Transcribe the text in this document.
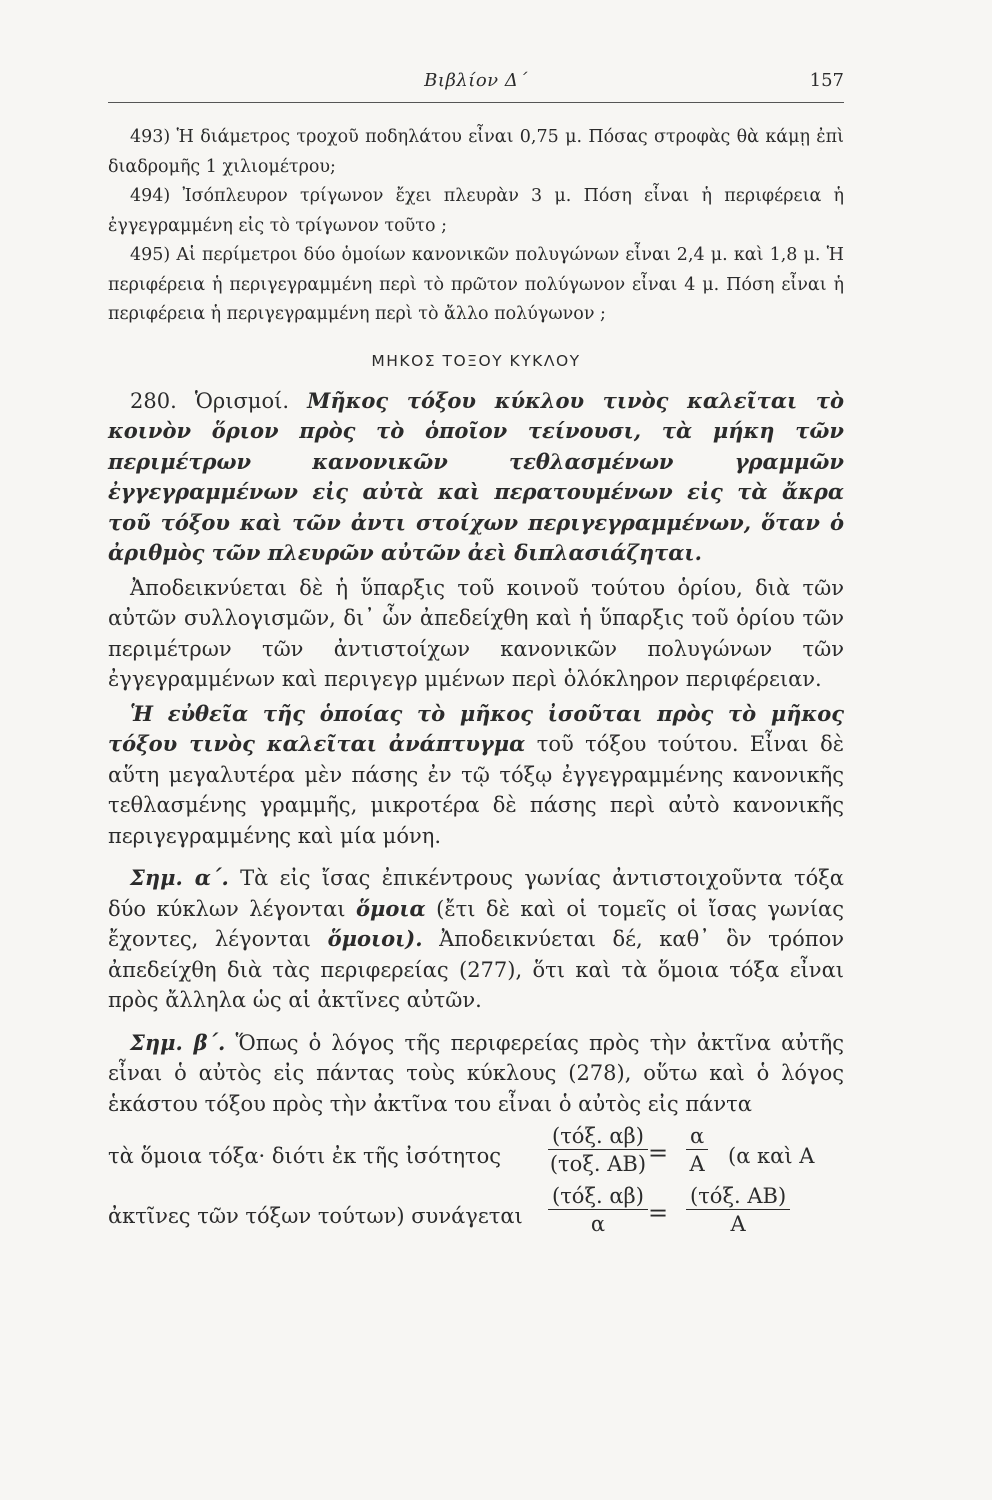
Βιβλίον Δ΄	157

493) Ἡ διάμετρος τροχοῦ ποδηλάτου εἶναι 0,75 μ. Πόσας στροφὰς θὰ κάμῃ ἐπὶ διαδρομῆς 1 χιλιομέτρου;

494) Ἰσόπλευρον τρίγωνον ἔχει πλευρὰν 3 μ. Πόση εἶναι ἡ περιφέρεια ἡ ἐγγεγραμμένη εἰς τὸ τρίγωνον τοῦτο ;

495) Αἱ περίμετροι δύο ὁμοίων κανονικῶν πολυγώνων εἶναι 2,4 μ. καὶ 1,8 μ. Ἡ περιφέρεια ἡ περιγεγραμμένη περὶ τὸ πρῶτον πολύγωνον εἶναι 4 μ. Πόση εἶναι ἡ περιφέρεια ἡ περιγεγραμμένη περὶ τὸ ἄλλο πολύγωνον ;

ΜΗΚΟΣ ΤΟΞΟΥ ΚΥΚΛΟΥ

280. Ὁρισμοί. Μῆκος τόξου κύκλου τινὸς καλεῖται τὸ κοινὸν ὅριον πρὸς τὸ ὁποῖον τείνουσι, τὰ μήκη τῶν περιμέτρων κανονικῶν τεθλασμένων γραμμῶν ἐγγεγραμμένων εἰς αὐτὰ καὶ περατουμένων εἰς τὰ ἄκρα τοῦ τόξου καὶ τῶν ἀντι στοίχων περιγεγραμμένων, ὅταν ὁ ἀριθμὸς τῶν πλευρῶν αὐτῶν ἀεὶ διπλασιάζηται.

Ἀποδεικνύεται δὲ ἡ ὕπαρξις τοῦ κοινοῦ τούτου ὁρίου, διὰ τῶν αὐτῶν συλλογισμῶν, δι᾿ ὧν ἀπεδείχθη καὶ ἡ ὕπαρξις τοῦ ὁρίου τῶν περιμέτρων τῶν ἀντιστοίχων κανονικῶν πολυγώνων τῶν ἐγγεγραμμένων καὶ περιγεγρ μμένων περὶ ὁλόκληρον περιφέρειαν.

Ἡ εὐθεῖα τῆς ὁποίας τὸ μῆκος ἰσοῦται πρὸς τὸ μῆκος τόξου τινὸς καλεῖται ἀνάπτυγμα τοῦ τόξου τούτου. Εἶναι δὲ αὕτη μεγαλυτέρα μὲν πάσης ἐν τῷ τόξῳ ἐγγεγραμμένης κανονικῆς τεθλασμένης γραμμῆς, μικροτέρα δὲ πάσης περὶ αὐτὸ κανονικῆς περιγεγραμμένης καὶ μία μόνη.

Σημ. α΄. Τὰ εἰς ἴσας ἐπικέντρους γωνίας ἀντιστοιχοῦντα τόξα δύο κύκλων λέγονται ὅμοια (ἔτι δὲ καὶ οἱ τομεῖς οἱ ἴσας γωνίας ἔχοντες, λέγονται ὅμοιοι). Ἀποδεικνύεται δέ, καθ᾿ ὃν τρόπον ἀπεδείχθη διὰ τὰς περιφερείας (277), ὅτι καὶ τὰ ὅμοια τόξα εἶναι πρὸς ἄλληλα ὡς αἱ ἀκτῖνες αὐτῶν.

Σημ. β΄. Ὅπως ὁ λόγος τῆς περιφερείας πρὸς τὴν ἀκτῖνα αὐτῆς εἶναι ὁ αὐτὸς εἰς πάντας τοὺς κύκλους (278), οὕτω καὶ ὁ λόγος ἑκάστου τόξου πρὸς τὴν ἀκτῖνα του εἶναι ὁ αὐτὸς εἰς πάντα

τὰ ὅμοια τόξα· διότι ἐκ τῆς ἰσότητος
(τόξ. αβ)
(τοξ. $AB) = \frac{\alpha}{A} (\alpha$ καὶ Α
ἀκτῖνες τῶν τόξων τούτων) συνάγεται
(τόξ. αβ)
α	=
(τόξ. ΑΒ)
Α
